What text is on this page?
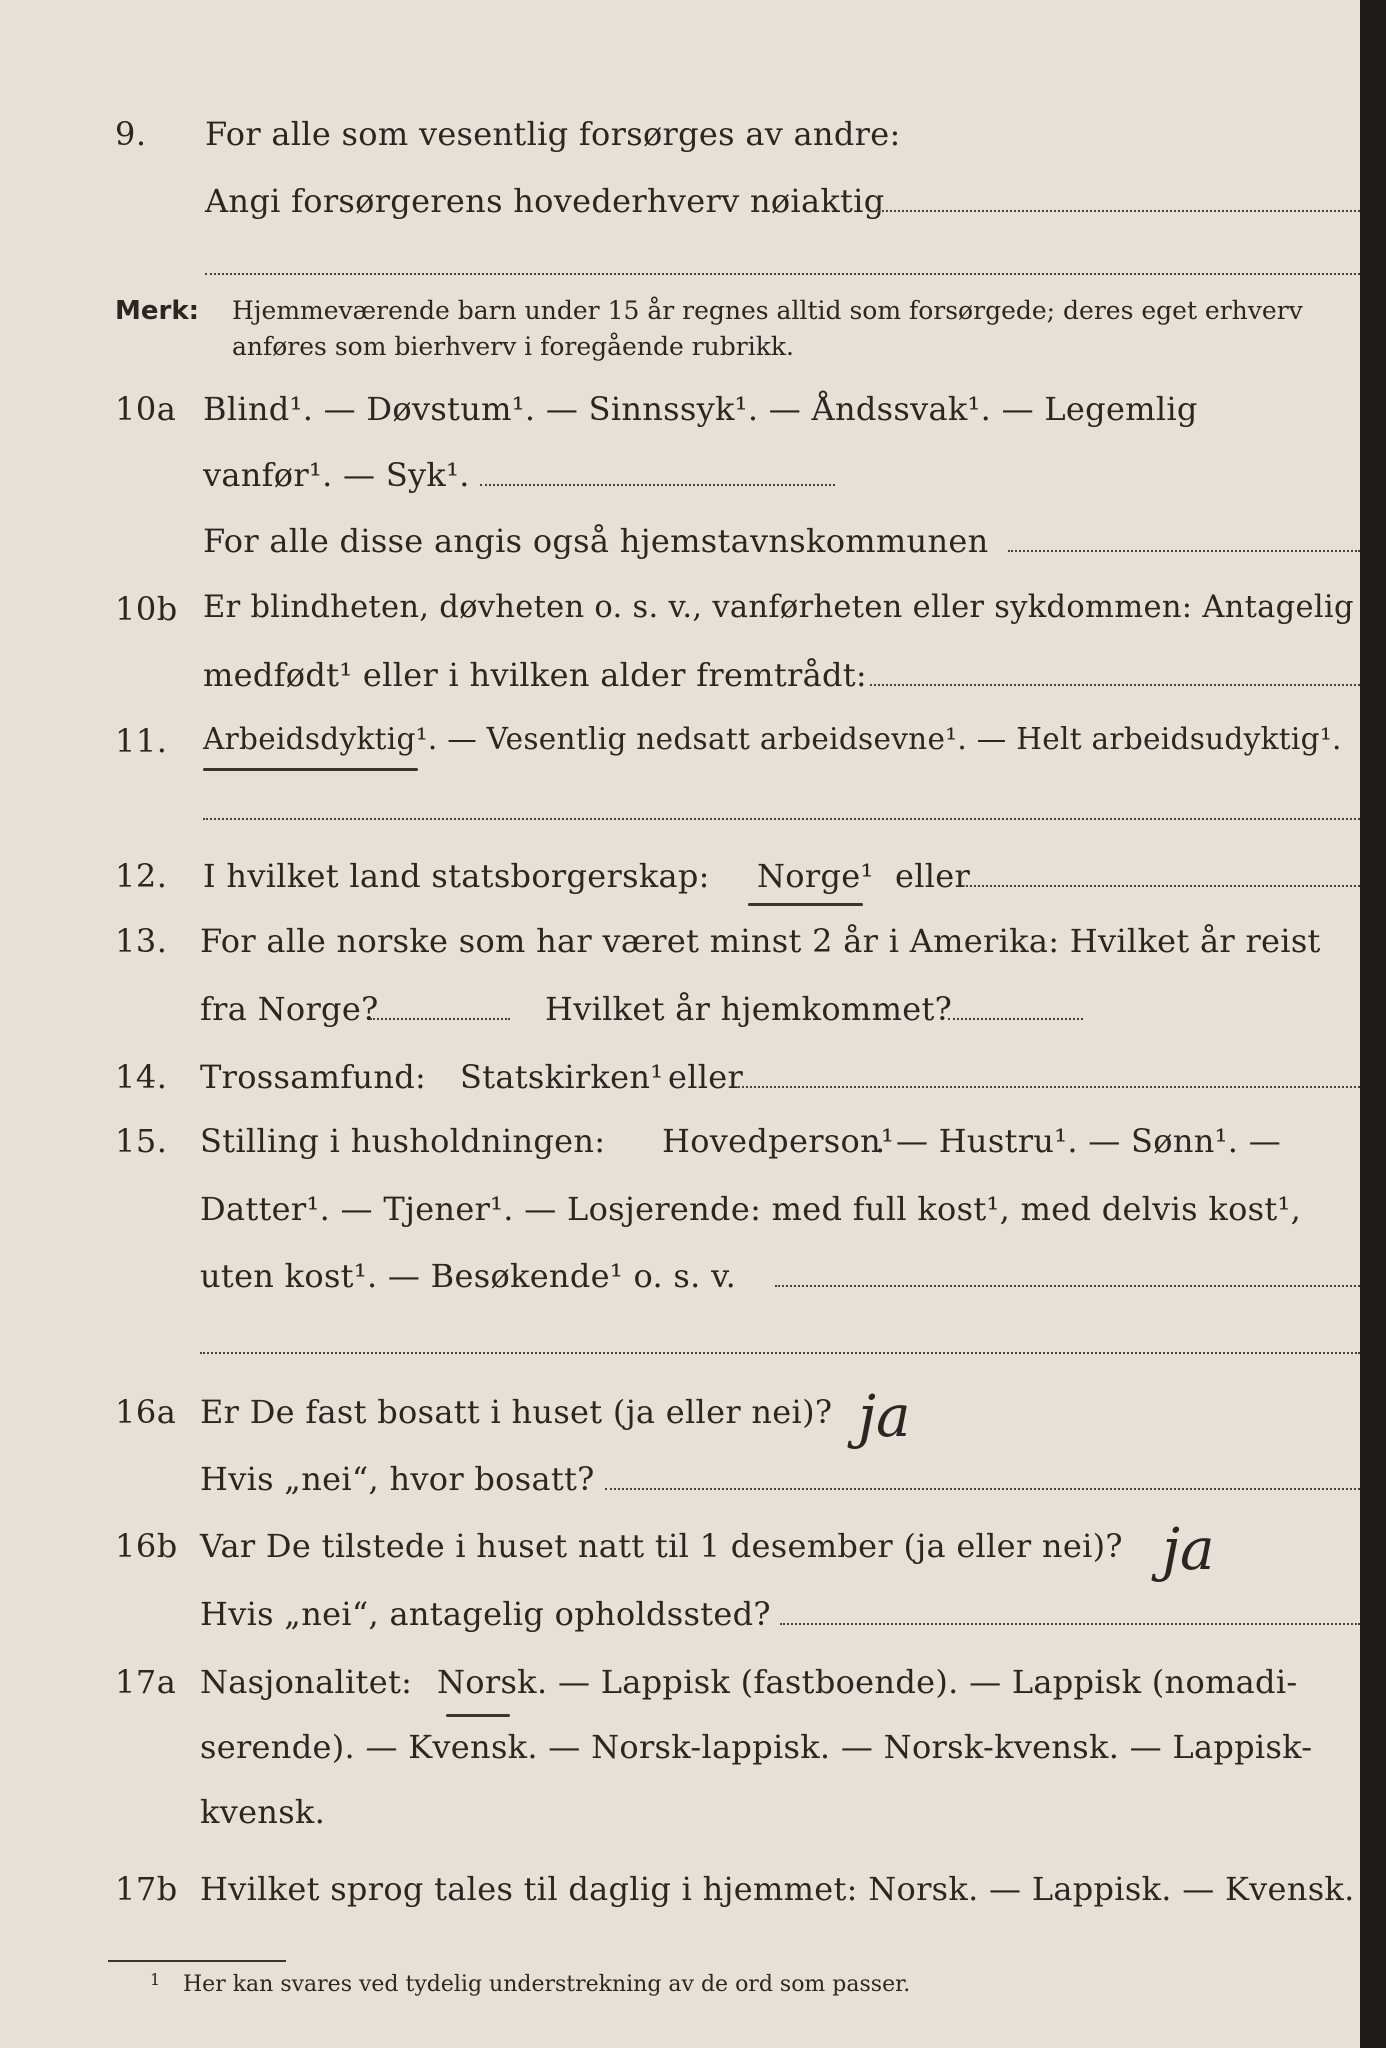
9. For alle som vesentlig forsørges av andre:
Angi forsørgerens hovederhverv nøiaktig
Merk: Hjemmeværende barn under 15 år regnes alltid som forsørgede; deres eget erhverv
anføres som bierhverv i foregående rubrikk.
10a Blind¹. — Døvstum¹. — Sinnssyk¹. — Åndssvak¹. — Legemlig
vanfør¹. — Syk¹.
For alle disse angis også hjemstavnskommunen
10b Er blindheten, døvheten o. s. v., vanførheten eller sykdommen: Antagelig
medfødt¹ eller i hvilken alder fremtrådt:
11. Arbeidsdyktig¹. — Vesentlig nedsatt arbeidsevne¹. — Helt arbeidsudyktig¹.
12. I hvilket land statsborgerskap: Norge¹ eller
13. For alle norske som har været minst 2 år i Amerika: Hvilket år reist
fra Norge?	Hvilket år hjemkommet?
14. Trossamfund: Statskirken¹ eller
15. Stilling i husholdningen: Hovedperson¹
. — Hustru¹. — Sønn¹. —
Datter¹. — Tjener¹. — Losjerende: med full kost¹, med delvis kost¹,
uten kost¹. — Besøkende¹ o. s. v.
16a Er De fast bosatt i huset (ja eller nei)? ja
Hvis „nei“, hvor bosatt?
16b Var De tilstede i huset natt til 1 desember (ja eller nei)? ja
Hvis „nei“, antagelig opholdssted?
17a Nasjonalitet: Norsk . — Lappisk (fastboende). — Lappisk (nomadi-
serende). — Kvensk. — Norsk-lappisk. — Norsk-kvensk. — Lappisk-
kvensk.
17b Hvilket sprog tales til daglig i hjemmet: Norsk. — Lappisk. — Kvensk.
1 Her kan svares ved tydelig understrekning av de ord som passer.
